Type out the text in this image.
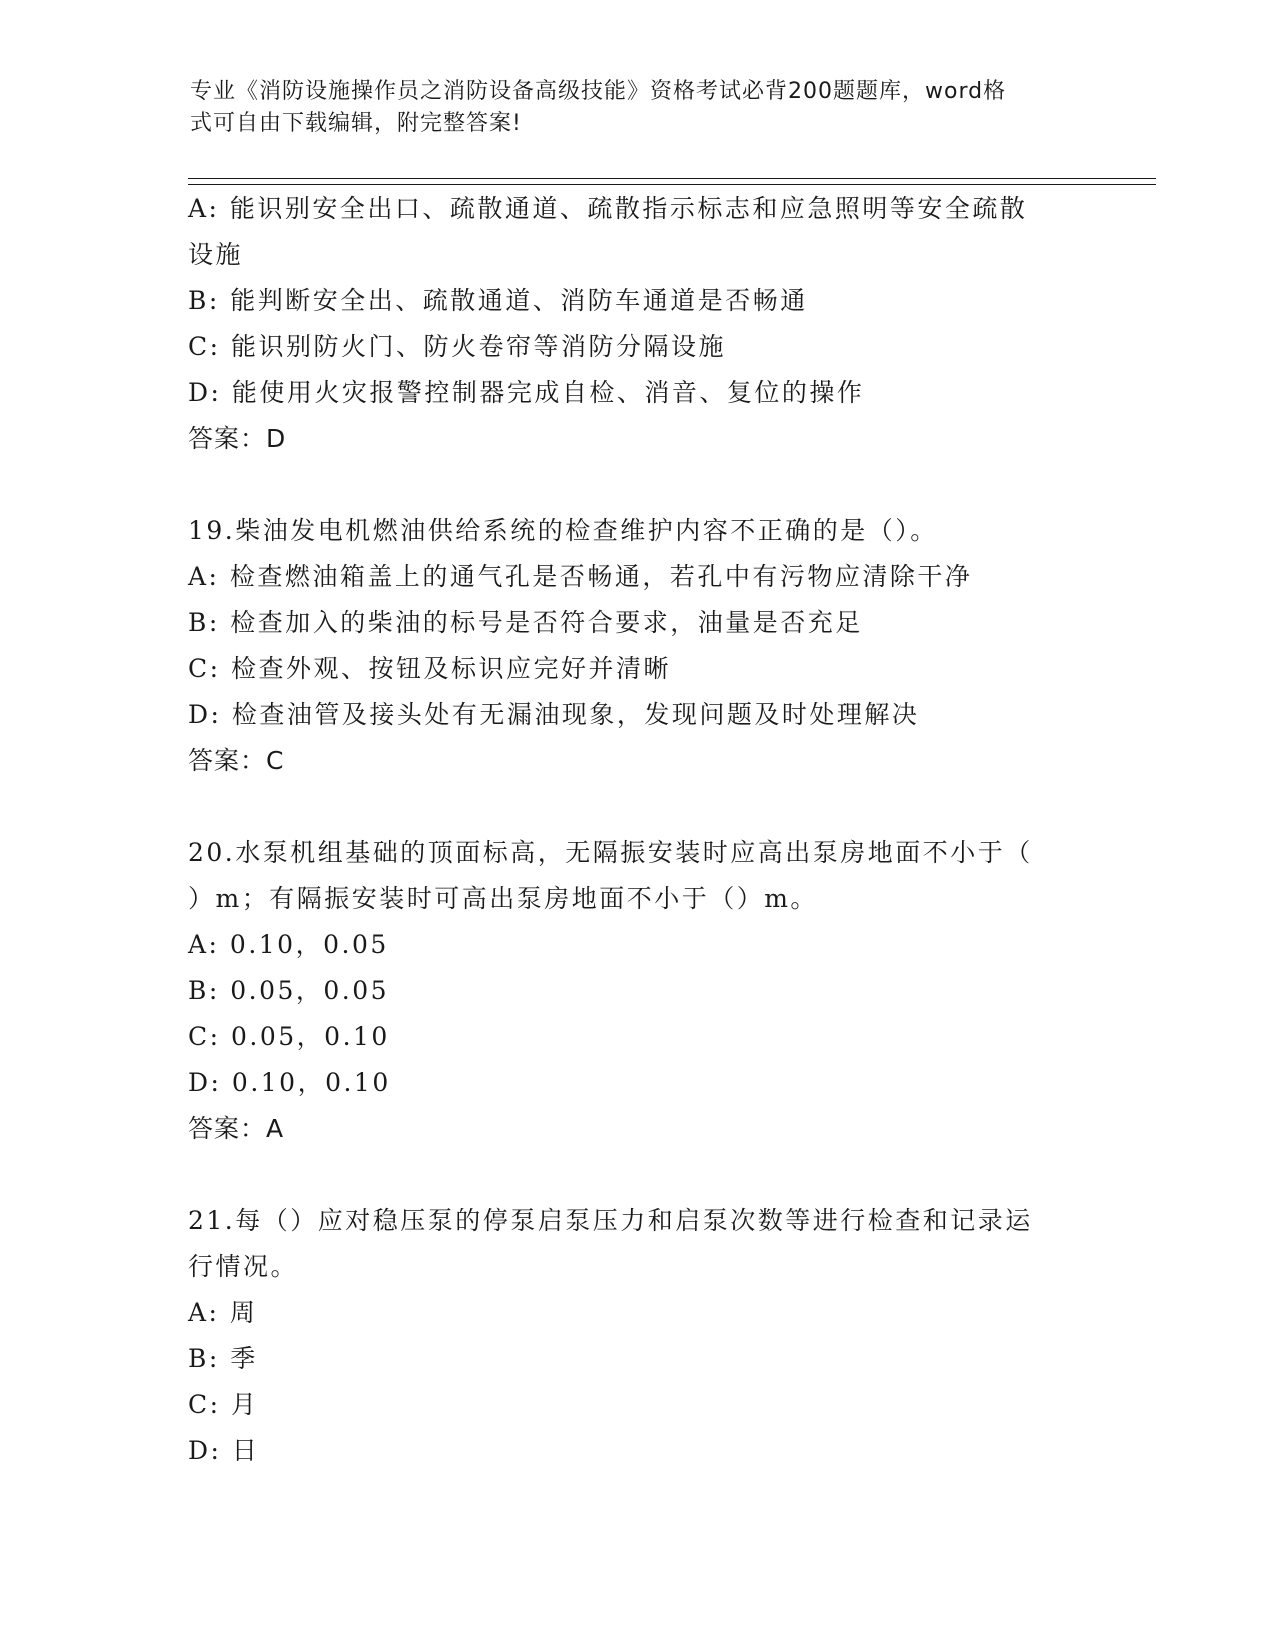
专业《消防设施操作员之消防设备高级技能》资格考试必背200题题库，word格
式可自由下载编辑，附完整答案!

A: 能识别安全出口、疏散通道、疏散指示标志和应急照明等安全疏散

设施

B: 能判断安全出、疏散通道、消防车通道是否畅通

C: 能识别防火门、防火卷帘等消防分隔设施

D: 能使用火灾报警控制器完成自检、消音、复位的操作

答案：D

19.柴油发电机燃油供给系统的检查维护内容不正确的是（）。

A: 检查燃油箱盖上的通气孔是否畅通，若孔中有污物应清除干净

B: 检查加入的柴油的标号是否符合要求，油量是否充足

C: 检查外观、按钮及标识应完好并清晰

D: 检查油管及接头处有无漏油现象，发现问题及时处理解决

答案：C

20.水泵机组基础的顶面标高，无隔振安装时应高出泵房地面不小于（

）m；有隔振安装时可高出泵房地面不小于（）m。

A: 0.10，0.05

B: 0.05，0.05

C: 0.05，0.10

D: 0.10，0.10

答案：A

21.每（）应对稳压泵的停泵启泵压力和启泵次数等进行检查和记录运

行情况。

A: 周

B: 季

C: 月

D: 日
